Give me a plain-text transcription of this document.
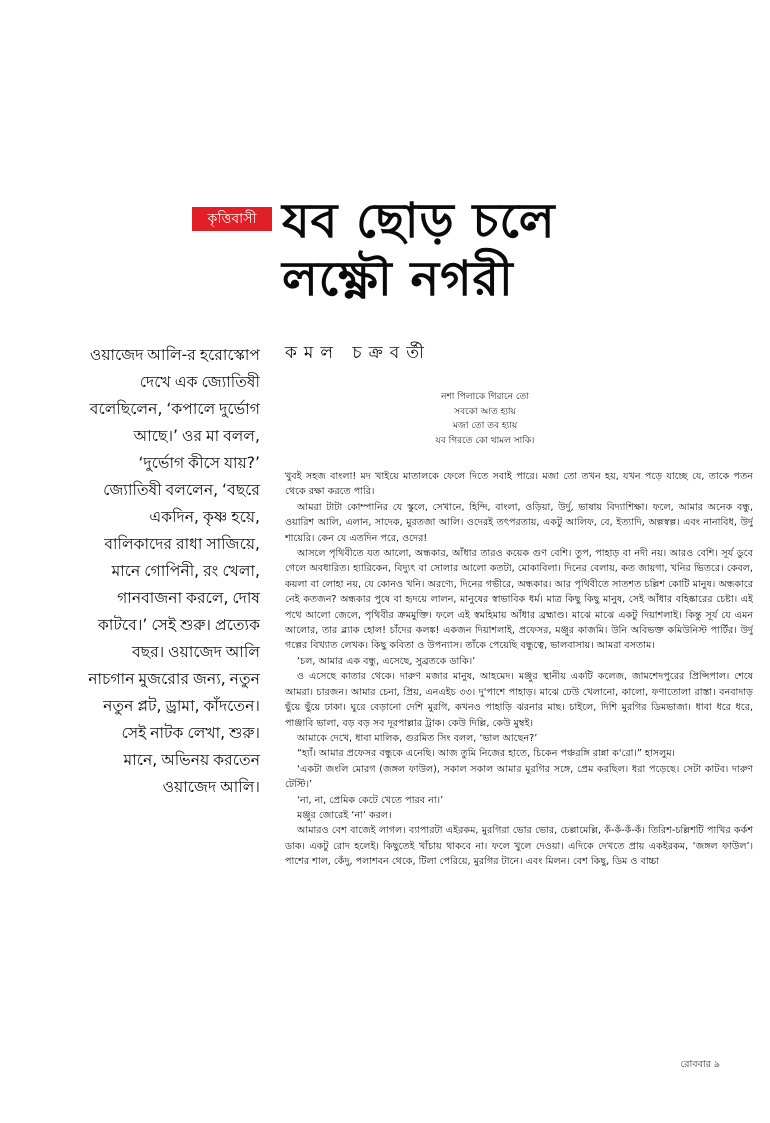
কৃত্তিবাসী যব ছোড় চলে
লক্ষ্ণৌ নগরী
কমল চক্রবর্তী
ওয়াজেদ আলি-র হরোস্কোপ দেখে এক জ্যোতিষী বলেছিলেন, ‘কপালে দুর্ভোগ আছে।’ ওর মা বলল, ‘দুর্ভোগ কীসে যায়?’ জ্যোতিষী বললেন, ‘বছরে একদিন, কৃষ্ণ হয়ে, বালিকাদের রাধা সাজিয়ে, মানে গোপিনী, রং খেলা, গানবাজনা করলে, দোষ কাটবে।’ সেই শুরু। প্রত্যেক বছর। ওয়াজেদ আলি নাচগান মুজরোর জন্য, নতুন নতুন প্লট, ড্রামা, কাঁদতেন। সেই নাটক লেখা, শুরু। মানে, অভিনয় করতেন ওয়াজেদ আলি।
নশা পিলাকে গিরানে তো
সবকো আত হ্যায়
মজা তো তব হ্যায়
যব গিরতে কো থামল সাকি।

খুবই সহজ বাংলা! মদ খাইয়ে মাতালকে ফেলে দিতে সবাই পারে। মজা তো তখন হয়, যখন পড়ে যাচ্ছে যে, তাকে পতন থেকে রক্ষা করতে পারি।

আমরা টাটা কোম্পানির যে স্কুলে, সেখানে, হিন্দি, বাংলা, ওড়িয়া, উর্দু, ভাষায় বিদ্যাশিক্ষা। ফলে, আমার অনেক বন্ধু, ওয়ারিশ আলি, এলান, সাদেক, মুরতজা আলি। ওদেরই তৎপরতায়, একটু আলিফ, বে, ইত্যাদি, অল্পস্বল্প। এবং নানাবিধ, উর্দু শায়েরি। কেন যে এতদিন পরে, ওদের!

আসলে পৃথিবীতে যত আলো, অন্ধকার, আঁধার তারও কয়েক গুণ বেশি। তুপ, পাহাড় বা নদী নয়। আরও বেশি। সূর্য ডুবে গেলে অবধারিত। হ্যারিকেন, বিদ্যুৎ বা সোলার আলো কতটা, মোকাবিলা। দিনের বেলায়, কত জায়গা, খনির ভিতরে। কেবল, কয়লা বা লোহা নয়, যে কোনও খনি। অরণ্যে, দিনের গভীরে, অন্ধকার। আর পৃথিবীতে সাতশত চল্লিশ কোটি মানুষ। অন্ধকারে নেই কতজন? অন্ধকার পুষে বা হৃদয়ে লালন, মানুষের স্বাভাবিক ধর্ম। মাত্র কিছু কিছু মানুষ, সেই আঁধার বহিষ্কারের চেষ্টা। এই পথে আলো জেলে, পৃথিবীর ক্রমমুক্তি। ফলে এই স্বমহিমায় আঁধার ব্রহ্মাণ্ড। মাঝে মাঝে একটু দিয়াশলাই। কিন্তু সূর্য যে এমন আলোর, তার ব্ল্যাক হোল! চাঁদের কলঙ্ক! একজন দিয়াশলাই, প্রফেসর, মঞ্জুর কাজমি। উনি অবিভক্ত কমিউনিস্ট পার্টির। উর্দু গল্পের বিখ্যাত লেখক। কিছু কবিতা ও উপন্যাস। তাঁকে পেয়েছি বন্ধুত্বে, ভালবাসায়। আমরা বসতাম।

‘চল, আমার এক বন্ধু, এসেছে, সুব্রতকে ডাকি।’

ও এসেছে কাতার থেকে। দারুণ মজার মানুষ, আহমেদ। মঞ্জুর স্থানীয় একটি কলেজ, জামশেদপুরের প্রিন্সিপাল। শেষে আমরা। চারজন। আমার চেনা, প্রিয়, এনএইচ ৩৩। দু'পাশে পাহাড়। মাঝে ঢেউ খেলানো, কালো, ফণাতোলা রাস্তা। বনবাদাড় ছুঁয়ে ছুঁয়ে ঢাকা। ঘুরে বেড়ানো দেশি মুরগি, কখনও পাহাড়ি ঝরনার মাছ। চাইলে, দিশি মুরগির ডিমভাজা। ধাবা ধরে ধরে, পাঞ্জাবি ভালা, বড় বড় সব দূরপাল্লার ট্রাক। কেউ দিল্লি, কেউ মুম্বই।

আমাকে দেখে, ধাবা মালিক, গুরমিত সিং বলল, ‘ভাল আছেন?’

“হ্যাঁ। আমার প্রফেসর বন্ধুকে এনেছি। আজ তুমি নিজের হাতে, চিকেন পঞ্চরঙ্গি রান্না ক'রো।” হাসলুম।

‘একটা জংলি মোরগ (জঙ্গল ফাউল), সকাল সকাল আমার মুরগির সঙ্গে, প্রেম করছিল। ধরা পড়েছে। সেটা কাটব। দারুণ টেস্টি।’

‘না, না, প্রেমিক কেটে খেতে পারব না।’

মঞ্জুর জোরেই ‘না’ করল।

আমারও বেশ বাজেই লাগল। ব্যাপারটা এইরকম, মুরগিরা ভোর ভোর, চেল্লামেল্লি, কঁ-কঁ-কঁ-কঁ। তিরিশ-চল্লিশটি পাখির কর্কশ ডাক। একটু রোদ হলেই। কিছুতেই খাঁচায় থাকবে না। ফলে খুলে দেওয়া। এদিকে দেখতে প্রায় একইরকম, ‘জঙ্গল ফাউল’। পাশের শাল, কেঁদু, পলাশবন থেকে, টিলা পেরিয়ে, মুরগির টানে। এবং মিলন। বেশ কিছু, ডিম ও বাচ্চা

রোববার ৯
